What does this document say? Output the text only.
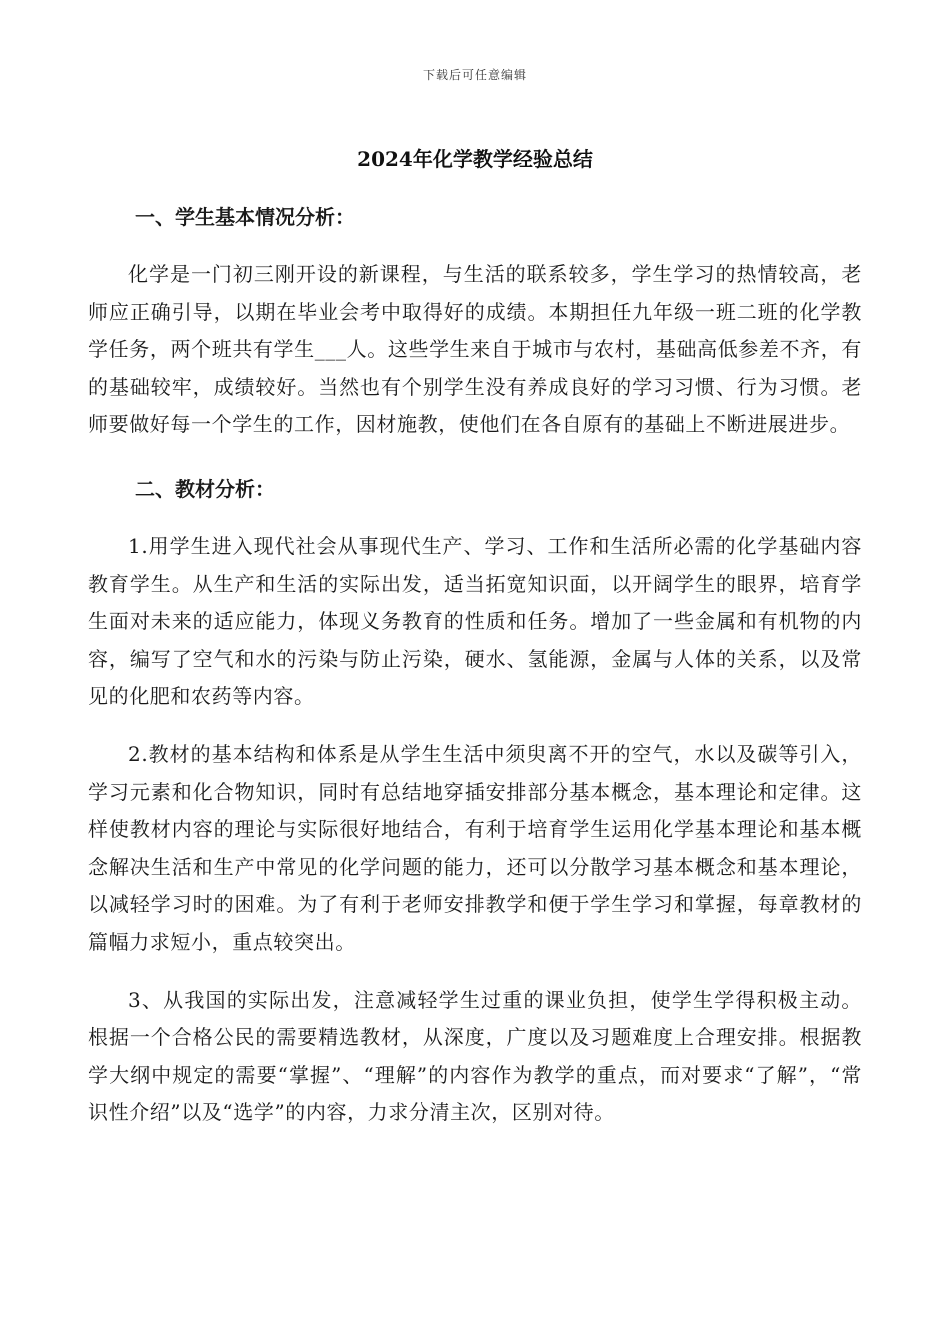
下载后可任意编辑
2024年化学教学经验总结
一、学生基本情况分析：

化学是一门初三刚开设的新课程，与生活的联系较多，学生学习的热情较高，老师应正确引导，以期在毕业会考中取得好的成绩。本期担任九年级一班二班的化学教学任务，两个班共有学生___人。这些学生来自于城市与农村，基础高低参差不齐，有的基础较牢，成绩较好。当然也有个别学生没有养成良好的学习习惯、行为习惯。老师要做好每一个学生的工作，因材施教，使他们在各自原有的基础上不断进展进步。

二、教材分析：

1.用学生进入现代社会从事现代生产、学习、工作和生活所必需的化学基础内容教育学生。从生产和生活的实际出发，适当拓宽知识面，以开阔学生的眼界，培育学生面对未来的适应能力，体现义务教育的性质和任务。增加了一些金属和有机物的内容，编写了空气和水的污染与防止污染，硬水、氢能源，金属与人体的关系，以及常见的化肥和农药等内容。

2.教材的基本结构和体系是从学生生活中须臾离不开的空气，水以及碳等引入，学习元素和化合物知识，同时有总结地穿插安排部分基本概念，基本理论和定律。这样使教材内容的理论与实际很好地结合，有利于培育学生运用化学基本理论和基本概念解决生活和生产中常见的化学问题的能力，还可以分散学习基本概念和基本理论，以减轻学习时的困难。为了有利于老师安排教学和便于学生学习和掌握，每章教材的篇幅力求短小，重点较突出。

3、从我国的实际出发，注意减轻学生过重的课业负担，使学生学得积极主动。根据一个合格公民的需要精选教材，从深度，广度以及习题难度上合理安排。根据教学大纲中规定的需要“掌握”、“理解”的内容作为教学的重点，而对要求“了解”，“常识性介绍”以及“选学”的内容，力求分清主次，区别对待。
